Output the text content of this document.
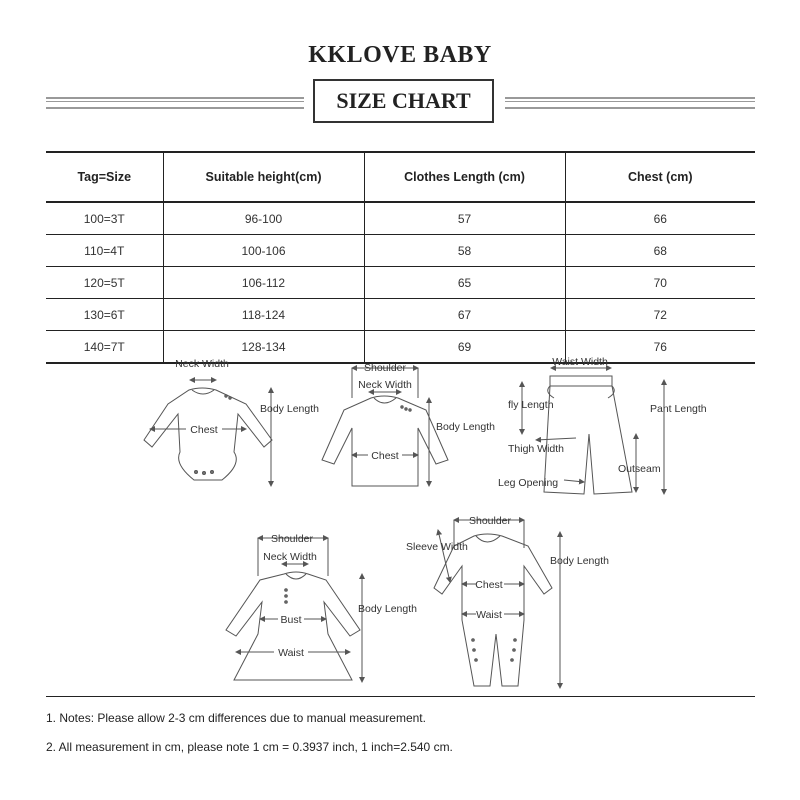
KKLOVE BABY
SIZE CHART
Tag=Size	Suitable height(cm)	Clothes Length (cm)	Chest (cm)
100=3T	96-100	57	66
110=4T	100-106	58	68
120=5T	106-112	65	70
130=6T	118-124	67	72
140=7T	128-134	69	76
Neck Width
Chest
Body Length
Shoulder
Neck Width
Chest
Body Length
Waist Width
fly Length	Pant Length
Thigh Width
Outseam
Leg Opening
Shoulder
Neck Width
Bust
Waist
Body Length
Shoulder
Sleeve Width
Chest
Waist
Body Length
1. Notes: Please allow 2-3 cm differences due to manual measurement.
2. All measurement in cm, please note 1 cm = 0.3937 inch, 1 inch=2.540 cm.
